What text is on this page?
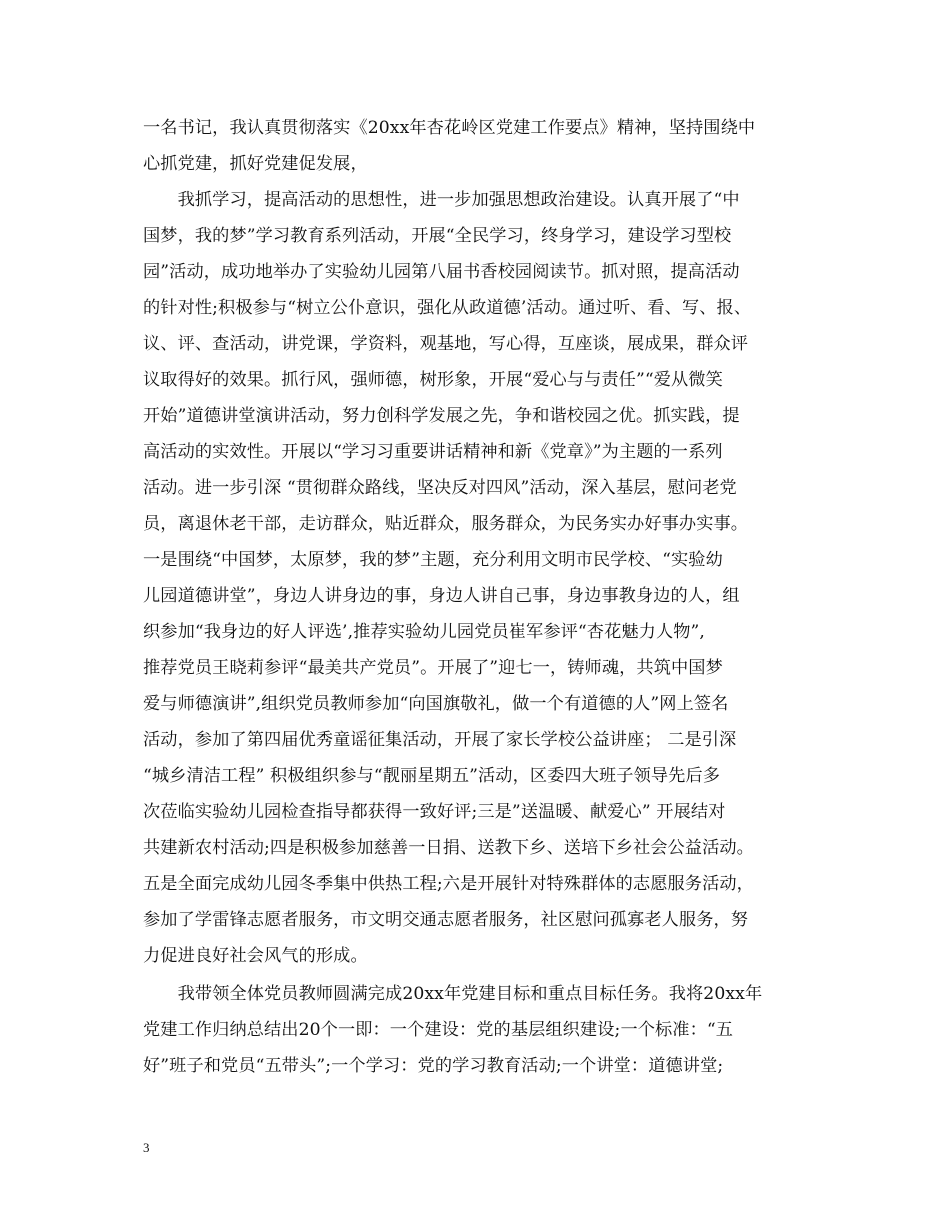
一名书记，我认真贯彻落实《20xx年杏花岭区党建工作要点》精神，坚持围绕中
心抓党建，抓好党建促发展，
　　我抓学习，提高活动的思想性，进一步加强思想政治建设。认真开展了“中
国梦，我的梦”学习教育系列活动，开展“全民学习，终身学习，建设学习型校
园”活动，成功地举办了实验幼儿园第八届书香校园阅读节。抓对照，提高活动
的针对性;积极参与“树立公仆意识，强化从政道德’活动。通过听、看、写、报、
议、评、查活动，讲党课，学资料，观基地，写心得，互座谈，展成果，群众评
议取得好的效果。抓行风，强师德，树形象，开展“爱心与与责任”“爱从微笑
开始”道德讲堂演讲活动，努力创科学发展之先，争和谐校园之优。抓实践，提
高活动的实效性。开展以“学习习重要讲话精神和新《党章》”为主题的一系列
活动。进一步引深 “贯彻群众路线，坚决反对四风”活动，深入基层，慰问老党
员，离退休老干部，走访群众，贴近群众，服务群众，为民务实办好事办实事。
一是围绕“中国梦，太原梦，我的梦”主题，充分利用文明市民学校、“实验幼
儿园道德讲堂”，身边人讲身边的事，身边人讲自己事，身边事教身边的人，组
织参加“我身边的好人评选’,推荐实验幼儿园党员崔军参评“杏花魅力人物”,
推荐党员王晓莉参评“最美共产党员”。开展了”迎七一，铸师魂，共筑中国梦
爱与师德演讲”,组织党员教师参加“向国旗敬礼，做一个有道德的人”网上签名
活动，参加了第四届优秀童谣征集活动，开展了家长学校公益讲座； 二是引深
“城乡清洁工程” 积极组织参与“靓丽星期五”活动，区委四大班子领导先后多
次莅临实验幼儿园检查指导都获得一致好评;三是”送温暖、献爱心” 开展结对
共建新农村活动;四是积极参加慈善一日捐、送教下乡、送培下乡社会公益活动。
五是全面完成幼儿园冬季集中供热工程;六是开展针对特殊群体的志愿服务活动，
参加了学雷锋志愿者服务，市文明交通志愿者服务，社区慰问孤寡老人服务，努
力促进良好社会风气的形成。
　　我带领全体党员教师圆满完成20xx年党建目标和重点目标任务。我将20xx年
党建工作归纳总结出20个一即：一个建设：党的基层组织建设;一个标准：“五
好”班子和党员“五带头”;一个学习：党的学习教育活动;一个讲堂：道德讲堂;
3
